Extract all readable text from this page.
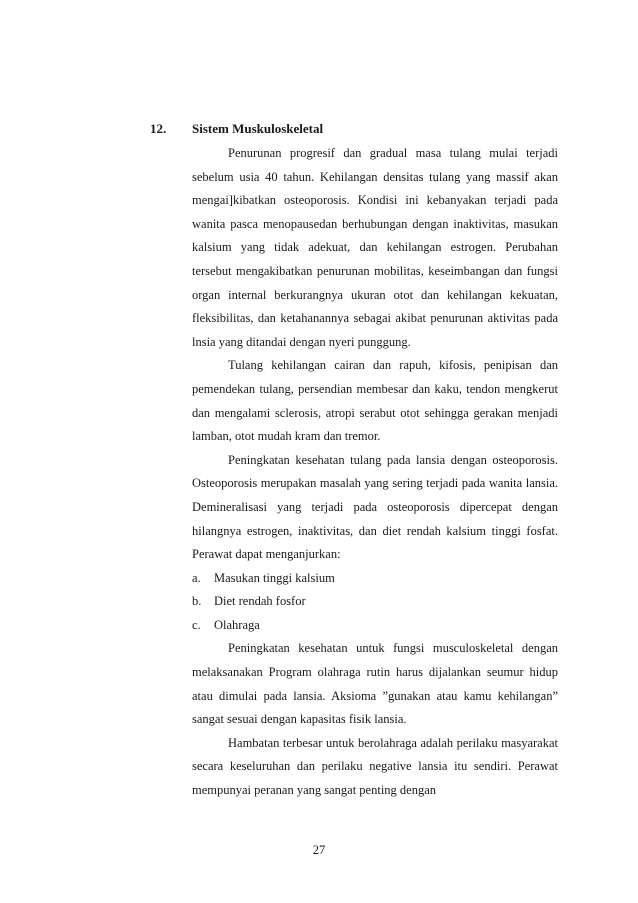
12. Sistem Muskuloskeletal

Penurunan progresif dan gradual masa tulang mulai terjadi sebelum usia 40 tahun. Kehilangan densitas tulang yang massif akan mengai]kibatkan osteoporosis. Kondisi ini kebanyakan terjadi pada wanita pasca menopausedan berhubungan dengan inaktivitas, masukan kalsium yang tidak adekuat, dan kehilangan estrogen. Perubahan tersebut mengakibatkan penurunan mobilitas, keseimbangan dan fungsi organ internal berkurangnya ukuran otot dan kehilangan kekuatan, fleksibilitas, dan ketahanannya sebagai akibat penurunan aktivitas pada lnsia yang ditandai dengan nyeri punggung.

Tulang kehilangan cairan dan rapuh, kifosis, penipisan dan pemendekan tulang, persendian membesar dan kaku, tendon mengkerut dan mengalami sclerosis, atropi serabut otot sehingga gerakan menjadi lamban, otot mudah kram dan tremor.

Peningkatan kesehatan tulang pada lansia dengan osteoporosis. Osteoporosis merupakan masalah yang sering terjadi pada wanita lansia. Demineralisasi yang terjadi pada osteoporosis dipercepat dengan hilangnya estrogen, inaktivitas, dan diet rendah kalsium tinggi fosfat. Perawat dapat menganjurkan:

a. Masukan tinggi kalsium
b. Diet rendah fosfor
c. Olahraga

Peningkatan kesehatan untuk fungsi musculoskeletal dengan melaksanakan Program olahraga rutin harus dijalankan seumur hidup atau dimulai pada lansia. Aksioma ”gunakan atau kamu kehilangan” sangat sesuai dengan kapasitas fisik lansia.

Hambatan terbesar untuk berolahraga adalah perilaku masyarakat secara keseluruhan dan perilaku negative lansia itu sendiri. Perawat mempunyai peranan yang sangat penting dengan

27
